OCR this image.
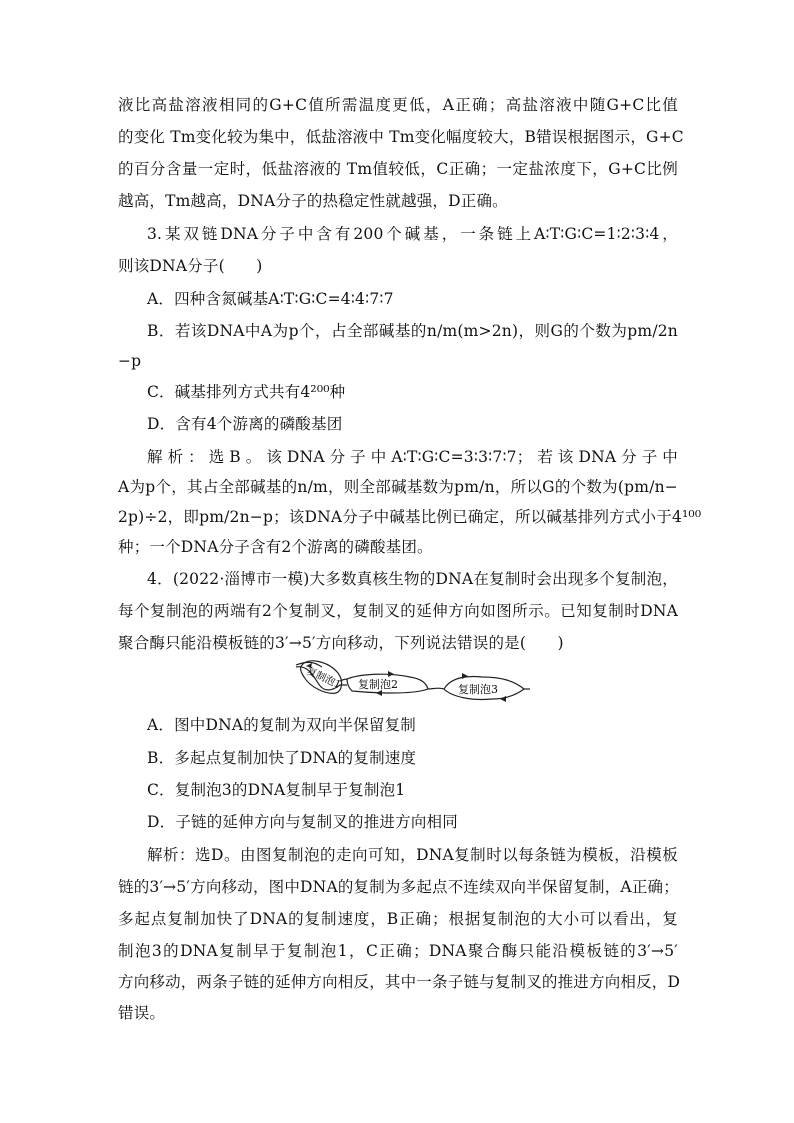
液比高盐溶液相同的G+C值所需温度更低，A正确；高盐溶液中随G+C比值
的变化 Tm变化较为集中，低盐溶液中 Tm变化幅度较大，B错误根据图示，G+C
的百分含量一定时，低盐溶液的 Tm值较低，C正确；一定盐浓度下，G+C比例
越高，Tm越高，DNA分子的热稳定性就越强，D正确。
3.某双链DNA分子中含有200个碱基，一条链上A∶T∶G∶C=1∶2∶3∶4，
则该DNA分子(　　)
A．四种含氮碱基A∶T∶G∶C=4∶4∶7∶7
B．若该DNA中A为p个，占全部碱基的n/m(m>2n)，则G的个数为pm/2n
−p
C．碱基排列方式共有4²⁰⁰种
D．含有4个游离的磷酸基团
解析：选B。该DNA分子中A∶T∶G∶C=3∶3∶7∶7；若该DNA分子中
A为p个，其占全部碱基的n/m，则全部碱基数为pm/n，所以G的个数为(pm/n−
2p)÷2，即pm/2n−p；该DNA分子中碱基比例已确定，所以碱基排列方式小于4¹⁰⁰
种；一个DNA分子含有2个游离的磷酸基团。
4．(2022·淄博市一模)大多数真核生物的DNA在复制时会出现多个复制泡，
每个复制泡的两端有2个复制叉，复制叉的延伸方向如图所示。已知复制时DNA
聚合酶只能沿模板链的3′→5′方向移动，下列说法错误的是(　　)
复制泡1 复制泡2	复制泡3
A．图中DNA的复制为双向半保留复制
B．多起点复制加快了DNA的复制速度
C．复制泡3的DNA复制早于复制泡1
D．子链的延伸方向与复制叉的推进方向相同
解析：选D。由图复制泡的走向可知，DNA复制时以每条链为模板，沿模板
链的3′→5′方向移动，图中DNA的复制为多起点不连续双向半保留复制，A正确；
多起点复制加快了DNA的复制速度，B正确；根据复制泡的大小可以看出，复
制泡3的DNA复制早于复制泡1，C正确；DNA聚合酶只能沿模板链的3′→5′
方向移动，两条子链的延伸方向相反，其中一条子链与复制叉的推进方向相反，D
错误。
